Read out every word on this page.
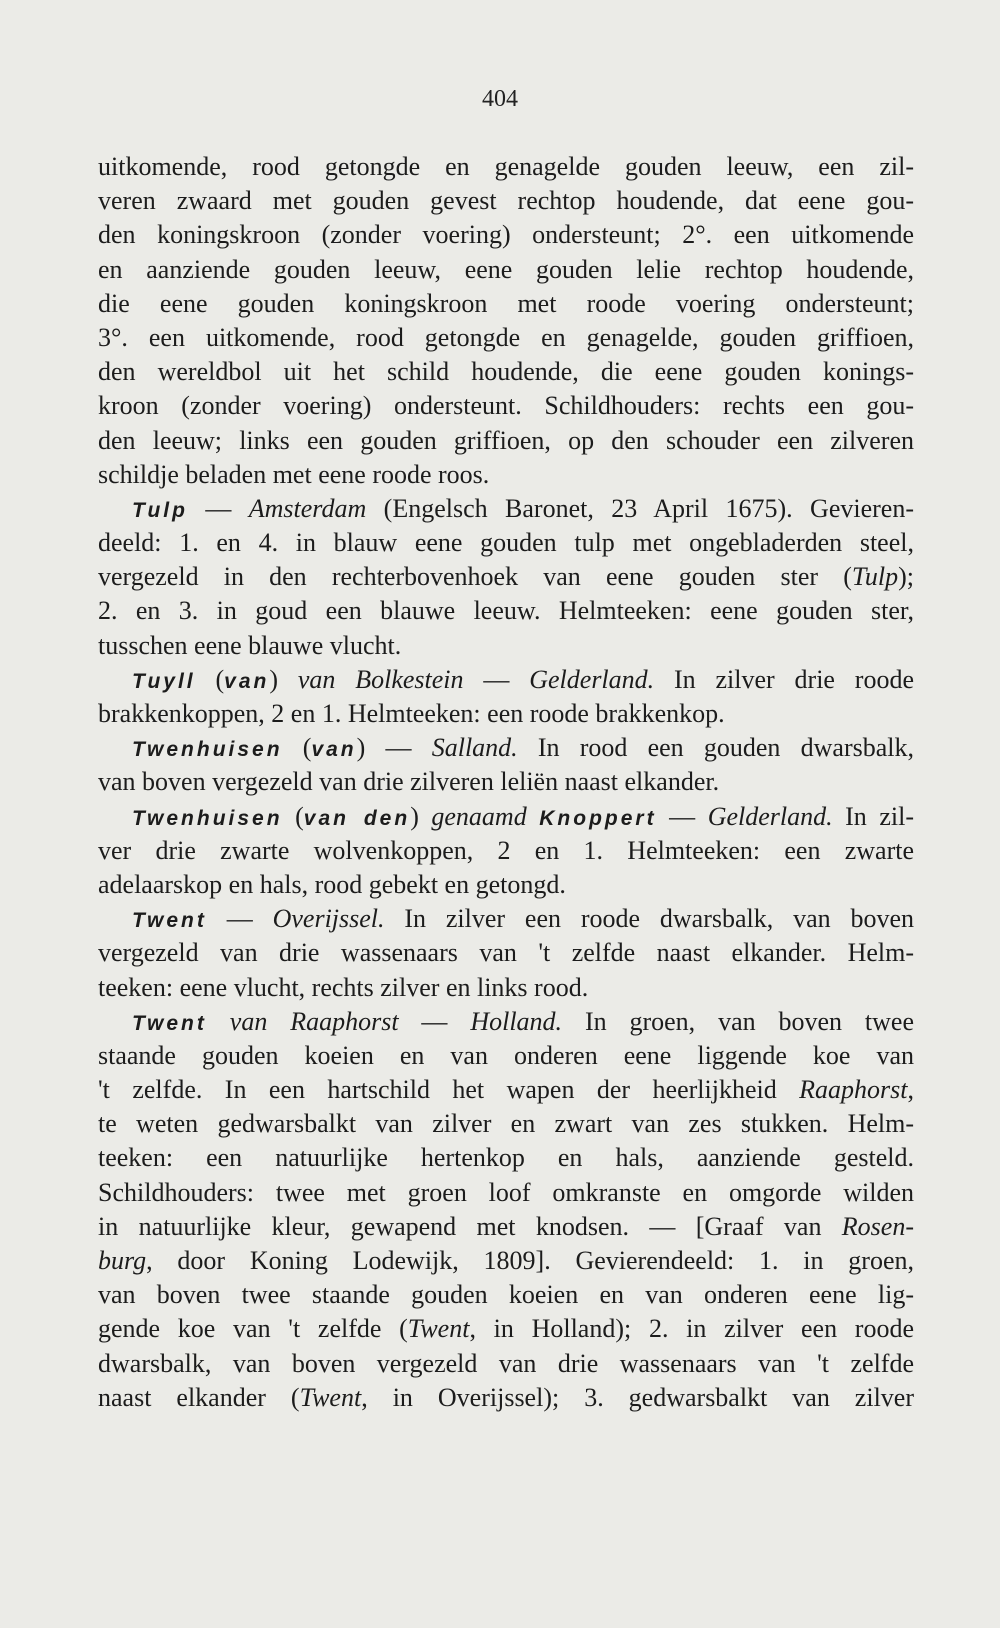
404
uitkomende, rood getongde en genagelde gouden leeuw, een zil-
veren zwaard met gouden gevest rechtop houdende, dat eene gou-
den koningskroon (zonder voering) ondersteunt; 2°. een uitkomende
en aanziende gouden leeuw, eene gouden lelie rechtop houdende,
die eene gouden koningskroon met roode voering ondersteunt;
3°. een uitkomende, rood getongde en genagelde, gouden griffioen,
den wereldbol uit het schild houdende, die eene gouden konings-
kroon (zonder voering) ondersteunt. Schildhouders: rechts een gou-
den leeuw; links een gouden griffioen, op den schouder een zilveren
schildje beladen met eene roode roos.
Tulp — Amsterdam (Engelsch Baronet, 23 April 1675). Gevieren-
deeld: 1. en 4. in blauw eene gouden tulp met ongebladerden steel,
vergezeld in den rechterbovenhoek van eene gouden ster (Tulp);
2. en 3. in goud een blauwe leeuw. Helmteeken: eene gouden ster,
tusschen eene blauwe vlucht.
Tuyll (van) van Bolkestein — Gelderland. In zilver drie roode
brakkenkoppen, 2 en 1. Helmteeken: een roode brakkenkop.
Twenhuisen (van) — Salland. In rood een gouden dwarsbalk,
van boven vergezeld van drie zilveren leliën naast elkander.
Twenhuisen (van den) genaamd Knoppert — Gelderland. In zil-
ver drie zwarte wolvenkoppen, 2 en 1. Helmteeken: een zwarte
adelaarskop en hals, rood gebekt en getongd.
Twent — Overijssel. In zilver een roode dwarsbalk, van boven
vergezeld van drie wassenaars van 't zelfde naast elkander. Helm-
teeken: eene vlucht, rechts zilver en links rood.
Twent van Raaphorst — Holland. In groen, van boven twee
staande gouden koeien en van onderen eene liggende koe van
't zelfde. In een hartschild het wapen der heerlijkheid Raaphorst,
te weten gedwarsbalkt van zilver en zwart van zes stukken. Helm-
teeken: een natuurlijke hertenkop en hals, aanziende gesteld.
Schildhouders: twee met groen loof omkranste en omgorde wilden
in natuurlijke kleur, gewapend met knodsen. — [Graaf van Rosen-
burg, door Koning Lodewijk, 1809]. Gevierendeeld: 1. in groen,
van boven twee staande gouden koeien en van onderen eene lig-
gende koe van 't zelfde (Twent, in Holland); 2. in zilver een roode
dwarsbalk, van boven vergezeld van drie wassenaars van 't zelfde
naast elkander (Twent, in Overijssel); 3. gedwarsbalkt van zilver
